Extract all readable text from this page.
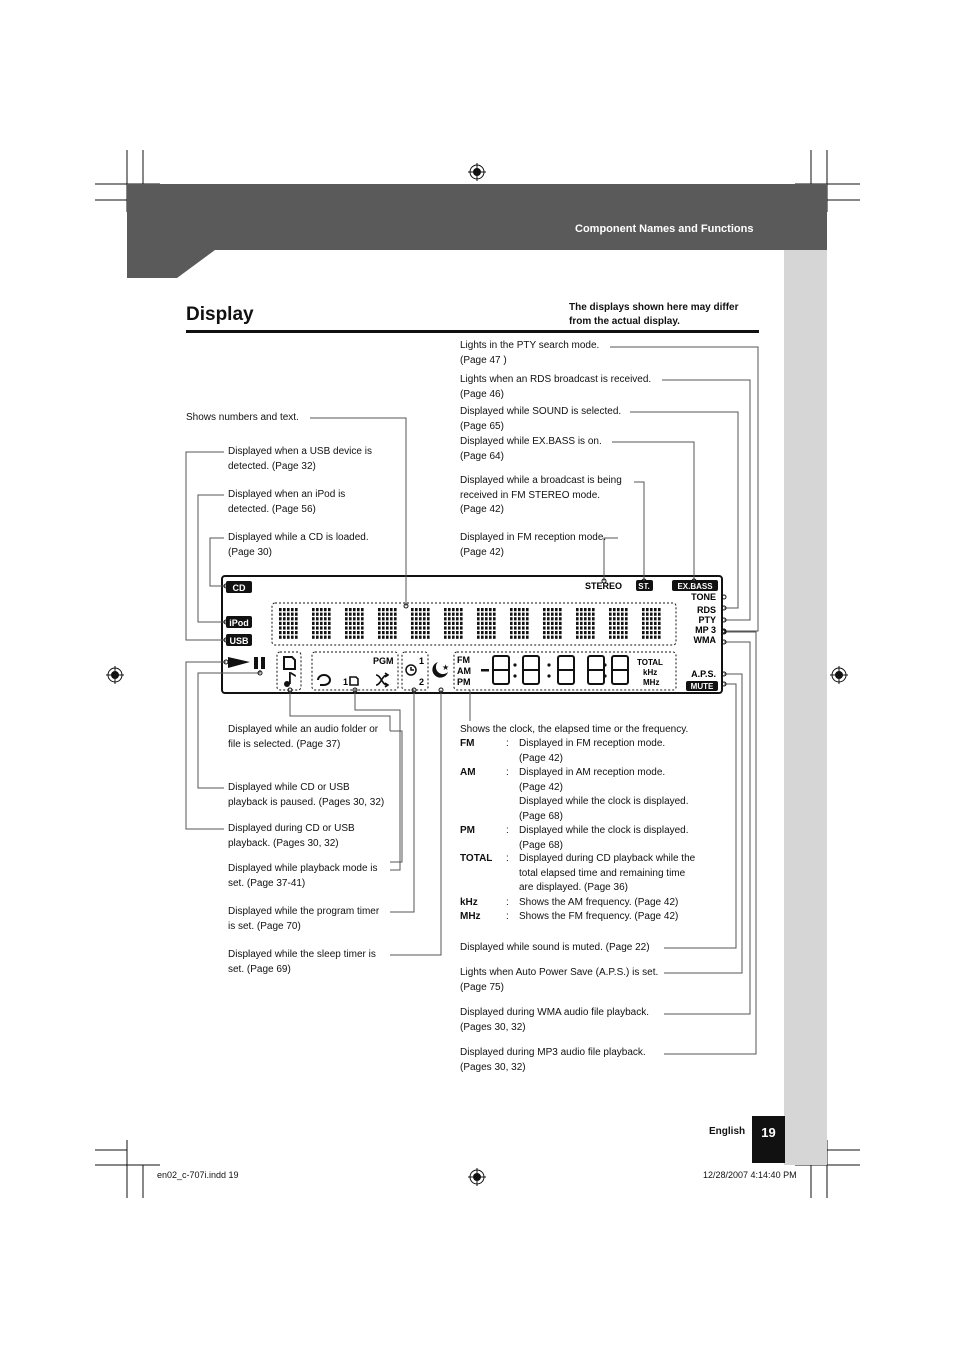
Component Names and Functions
Display	The displays shown here may differ
from the actual display.
CD
iPod
USB
STEREO ST.	EX.BASS
TONE
RDS
PTY
MP 3
WMA
PGM
1
1
2
★
FM
AM
PM
TOTAL
kHz
MHz
A.P.S.
MUTE
Shows numbers and text.
Displayed when a USB device is
detected. (Page 32)
Displayed when an iPod is
detected. (Page 56)
Displayed while a CD is loaded.
(Page 30)
Displayed while an audio folder or
file is selected. (Page 37)
Displayed while CD or USB
playback is paused. (Pages 30, 32)
Displayed during CD or USB
playback. (Pages 30, 32)
Displayed while playback mode is
set. (Page 37-41)
Displayed while the program timer
is set. (Page 70)
Displayed while the sleep timer is
set. (Page 69)
Lights in the PTY search mode.
(Page 47 )
Lights when an RDS broadcast is received.
(Page 46)
Displayed while SOUND is selected.
(Page 65)
Displayed while EX.BASS is on.
(Page 64)
Displayed while a broadcast is being
received in FM STEREO mode.
(Page 42)
Displayed in FM reception mode.
(Page 42)
Shows the clock, the elapsed time or the frequency.
FM	: Displayed in FM reception mode.
(Page 42)
AM	: Displayed in AM reception mode.
(Page 42)
Displayed while the clock is displayed.
(Page 68)
PM	: Displayed while the clock is displayed.
(Page 68)
TOTAL : Displayed during CD playback while the
total elapsed time and remaining time
are displayed. (Page 36)
kHz	: Shows the AM frequency. (Page 42)
MHz	: Shows the FM frequency. (Page 42)
Displayed while sound is muted. (Page 22)
Lights when Auto Power Save (A.P.S.) is set.
(Page 75)
Displayed during WMA audio file playback.
(Pages 30, 32)
Displayed during MP3 audio file playback.
(Pages 30, 32)
English	19
en02_c-707i.indd 19	12/28/2007 4:14:40 PM
